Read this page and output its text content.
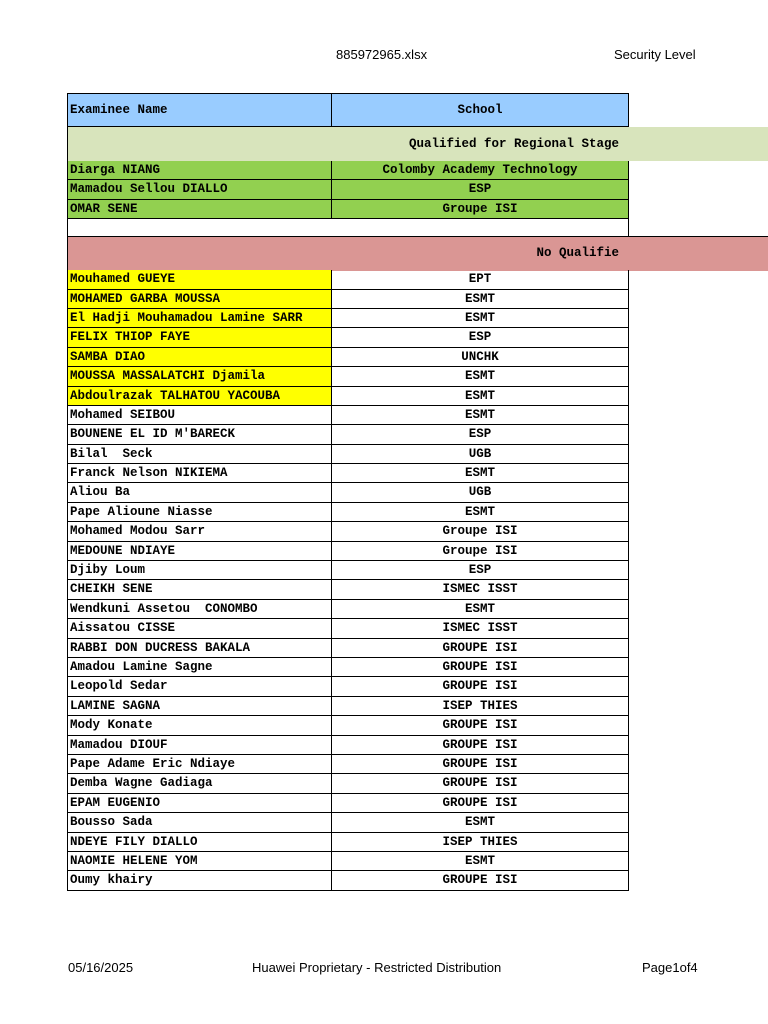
885972965.xlsx	Security Level
Examinee Name	School
Qualified for Regional Stage
Diarga NIANG	Colomby Academy Technology
Mamadou Sellou DIALLO	ESP
OMAR SENE	Groupe ISI
No Qualifie
Mouhamed GUEYE	EPT
MOHAMED GARBA MOUSSA	ESMT
El Hadji Mouhamadou Lamine SARR	ESMT
FELIX THIOP FAYE	ESP
SAMBA DIAO	UNCHK
MOUSSA MASSALATCHI Djamila	ESMT
Abdoulrazak TALHATOU YACOUBA	ESMT
Mohamed SEIBOU	ESMT
BOUNENE EL ID M'BARECK	ESP
Bilal  Seck	UGB
Franck Nelson NIKIEMA	ESMT
Aliou Ba	UGB
Pape Alioune Niasse	ESMT
Mohamed Modou Sarr	Groupe ISI
MEDOUNE NDIAYE	Groupe ISI
Djiby Loum	ESP
CHEIKH SENE	ISMEC ISST
Wendkuni Assetou  CONOMBO	ESMT
Aissatou CISSE	ISMEC ISST
RABBI DON DUCRESS BAKALA	GROUPE ISI
Amadou Lamine Sagne	GROUPE ISI
Leopold Sedar	GROUPE ISI
LAMINE SAGNA	ISEP THIES
Mody Konate	GROUPE ISI
Mamadou DIOUF	GROUPE ISI
Pape Adame Eric Ndiaye	GROUPE ISI
Demba Wagne Gadiaga	GROUPE ISI
EPAM EUGENIO	GROUPE ISI
Bousso Sada	ESMT
NDEYE FILY DIALLO	ISEP THIES
NAOMIE HELENE YOM	ESMT
Oumy khairy	GROUPE ISI
05/16/2025	Huawei Proprietary - Restricted Distribution	Page1of4
